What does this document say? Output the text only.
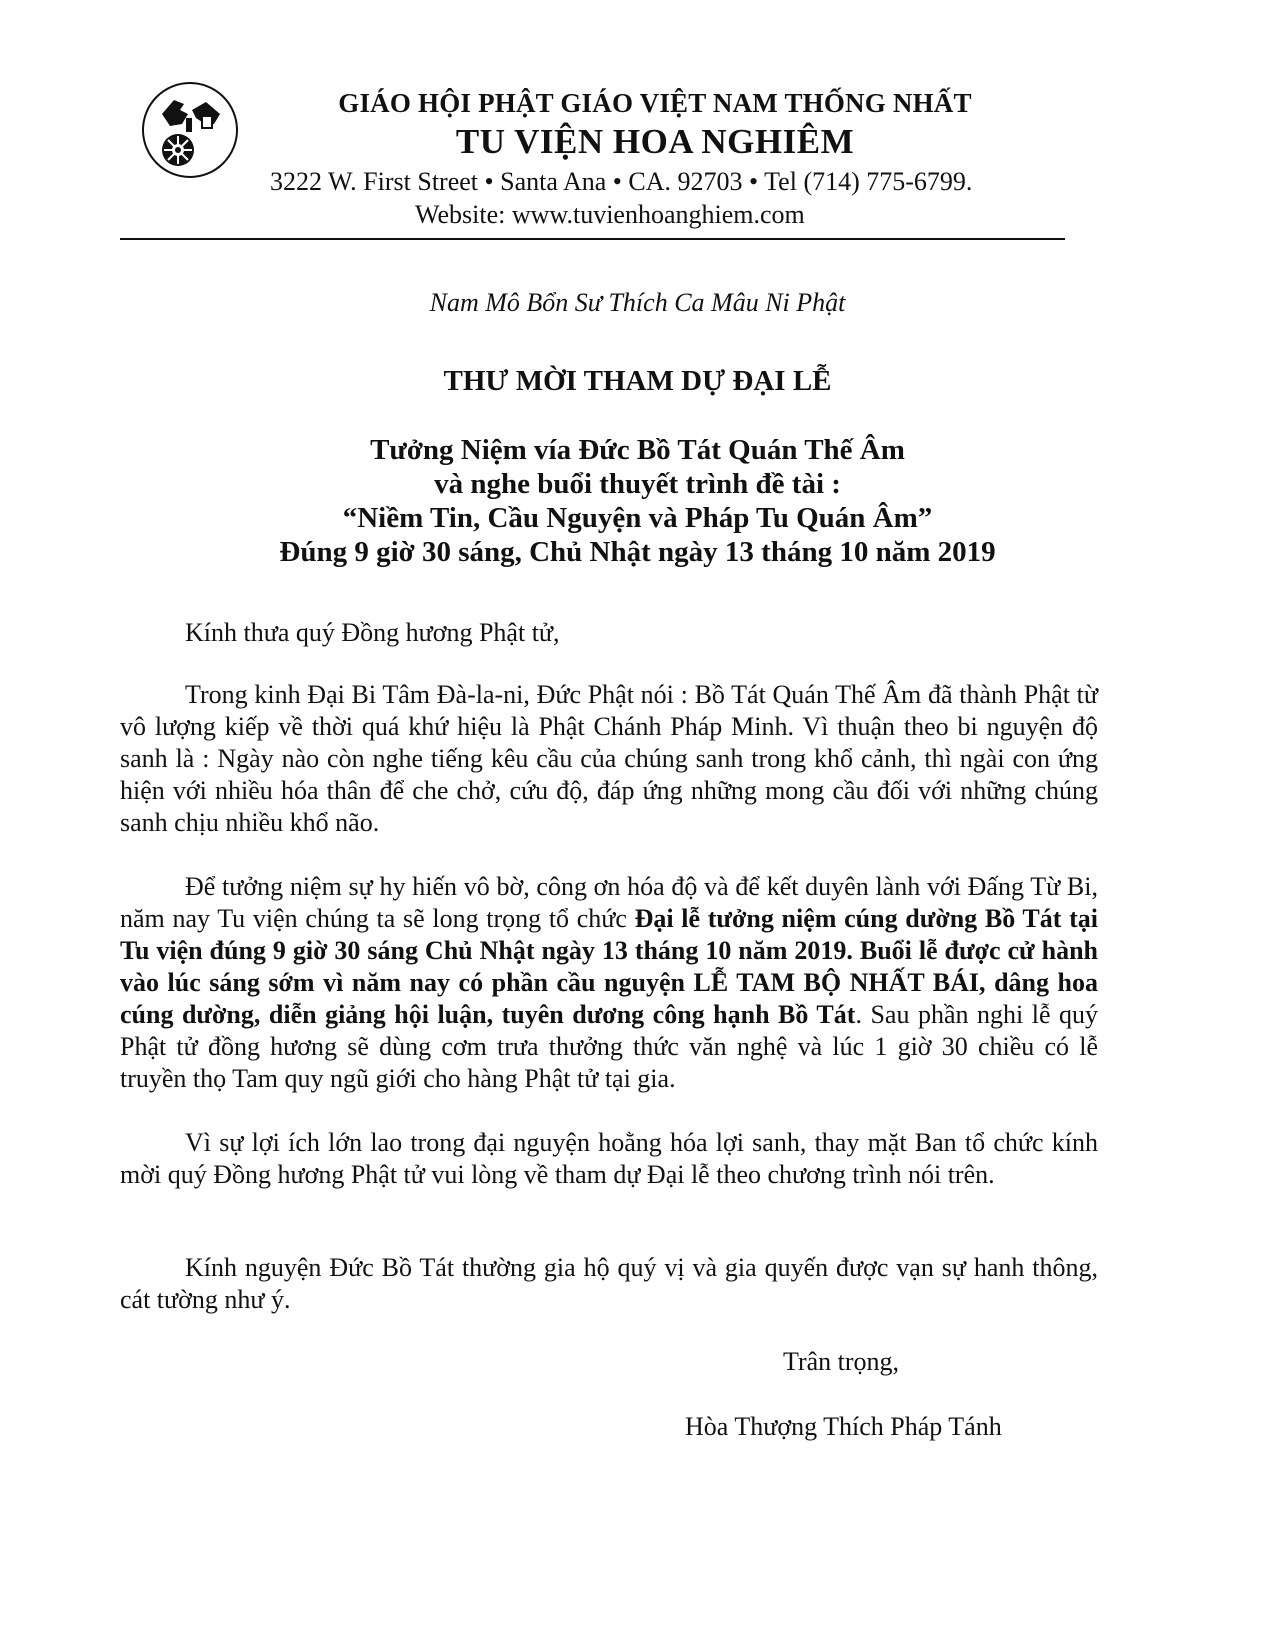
GIÁO HỘI PHẬT GIÁO VIỆT NAM THỐNG NHẤT

TU VIỆN HOA NGHIÊM

3222 W. First Street • Santa Ana • CA. 92703 • Tel (714) 775-6799.

Website: www.tuvienhoanghiem.com

Nam Mô Bổn Sư Thích Ca Mâu Ni Phật

THƯ MỜI THAM DỰ ĐẠI LỄ
Tưởng Niệm vía Đức Bồ Tát Quán Thế Âm
và nghe buổi thuyết trình đề tài :
“Niềm Tin, Cầu Nguyện và Pháp Tu Quán Âm”
Đúng 9 giờ 30 sáng, Chủ Nhật ngày 13 tháng 10 năm 2019

Kính thưa quý Đồng hương Phật tử,

Trong kinh Đại Bi Tâm Đà-la-ni, Đức Phật nói : Bồ Tát Quán Thế Âm đã thành Phật từ vô lượng kiếp về thời quá khứ hiệu là Phật Chánh Pháp Minh. Vì thuận theo bi nguyện độ sanh là : Ngày nào còn nghe tiếng kêu cầu của chúng sanh trong khổ cảnh, thì ngài con ứng hiện với nhiều hóa thân để che chở, cứu độ, đáp ứng những mong cầu đối với những chúng sanh chịu nhiều khổ não.

Để tưởng niệm sự hy hiến vô bờ, công ơn hóa độ và để kết duyên lành với Đấng Từ Bi, năm nay Tu viện chúng ta sẽ long trọng tổ chức Đại lễ tưởng niệm cúng dường Bồ Tát tại Tu viện đúng 9 giờ 30 sáng Chủ Nhật ngày 13 tháng 10 năm 2019. Buổi lễ được cử hành vào lúc sáng sớm vì năm nay có phần cầu nguyện LỄ TAM BỘ NHẤT BÁI, dâng hoa cúng dường, diễn giảng hội luận, tuyên dương công hạnh Bồ Tát. Sau phần nghi lễ quý Phật tử đồng hương sẽ dùng cơm trưa thưởng thức văn nghệ và lúc 1 giờ 30 chiều có lễ truyền thọ Tam quy ngũ giới cho hàng Phật tử tại gia.

Vì sự lợi ích lớn lao trong đại nguyện hoằng hóa lợi sanh, thay mặt Ban tổ chức kính mời quý Đồng hương Phật tử vui lòng về tham dự Đại lễ theo chương trình nói trên.

Kính nguyện Đức Bồ Tát thường gia hộ quý vị và gia quyến được vạn sự hanh thông, cát tường như ý.

Trân trọng,

Hòa Thượng Thích Pháp Tánh
